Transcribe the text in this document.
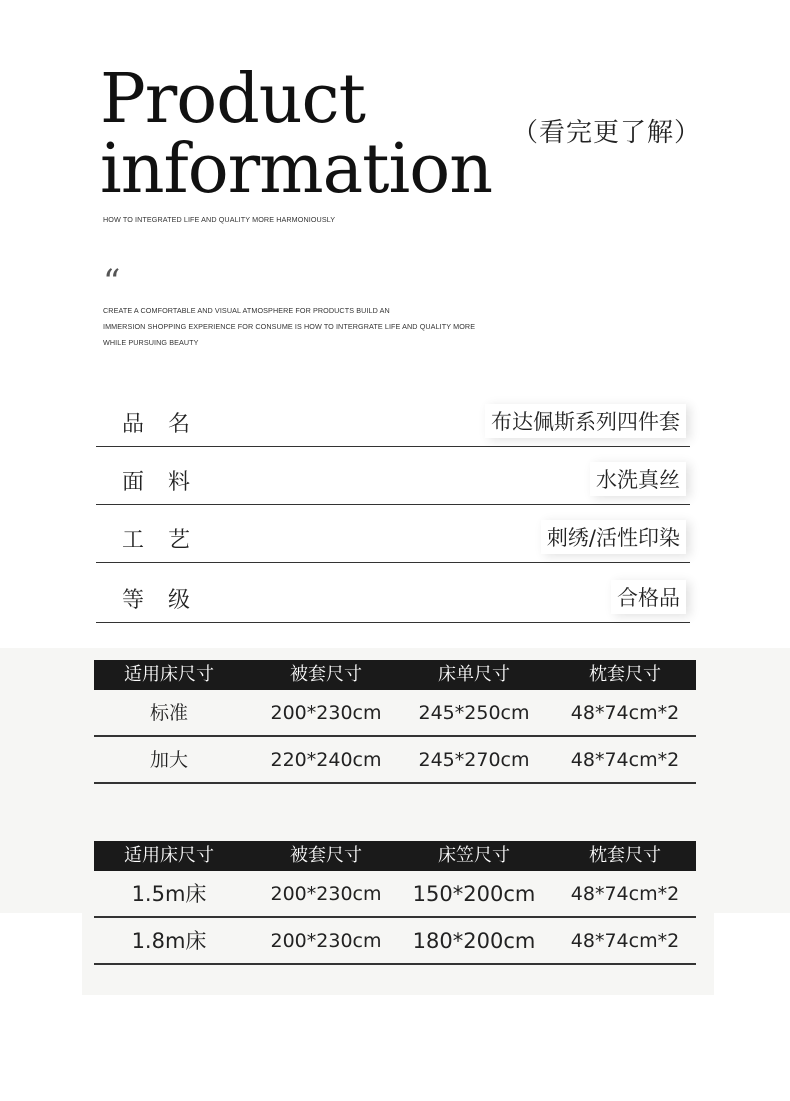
Product
information （看完更了解）
HOW TO INTEGRATED LIFE AND QUALITY MORE HARMONIOUSLY
“
CREATE A COMFORTABLE AND VISUAL ATMOSPHERE FOR PRODUCTS BUILD AN
IMMERSION SHOPPING EXPERIENCE FOR CONSUME IS HOW TO INTERGRATE LIFE AND QUALITY MORE
WHILE PURSUING BEAUTY
品名	布达佩斯系列四件套
面料	水洗真丝
工艺	刺绣/活性印染
等级	合格品
适用床尺寸	被套尺寸	床单尺寸	枕套尺寸
标准	200*230cm	245*250cm	48*74cm*2
加大	220*240cm	245*270cm	48*74cm*2
适用床尺寸	被套尺寸	床笠尺寸	枕套尺寸
1.5m床	200*230cm	150*200cm	48*74cm*2
1.8m床	200*230cm	180*200cm	48*74cm*2
